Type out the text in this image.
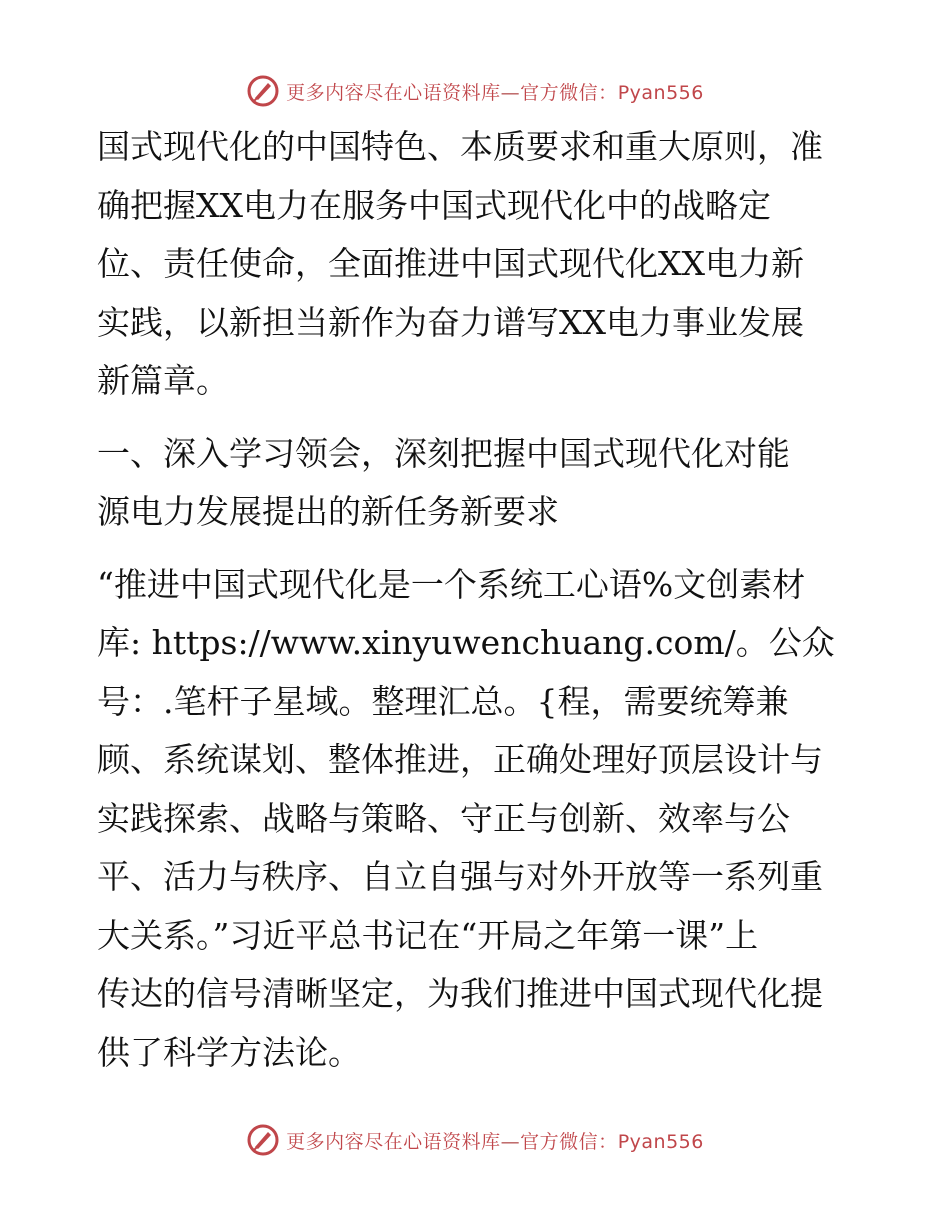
更多内容尽在心语资料库—官方微信：Pyan556

国式现代化的中国特色、本质要求和重大原则，准
确把握XX电力在服务中国式现代化中的战略定
位、责任使命，全面推进中国式现代化XX电力新
实践，以新担当新作为奋力谱写XX电力事业发展
新篇章。

一、深入学习领会，深刻把握中国式现代化对能
源电力发展提出的新任务新要求

“推进中国式现代化是一个系统工心语%文创素材
库: https://www.xinyuwenchuang.com/。公众
号：.笔杆子星域。整理汇总。{程，需要统筹兼
顾、系统谋划、整体推进，正确处理好顶层设计与
实践探索、战略与策略、守正与创新、效率与公
平、活力与秩序、自立自强与对外开放等一系列重
大关系。”习近平总书记在“开局之年第一课”上
传达的信号清晰坚定，为我们推进中国式现代化提
供了科学方法论。

更多内容尽在心语资料库—官方微信：Pyan556
